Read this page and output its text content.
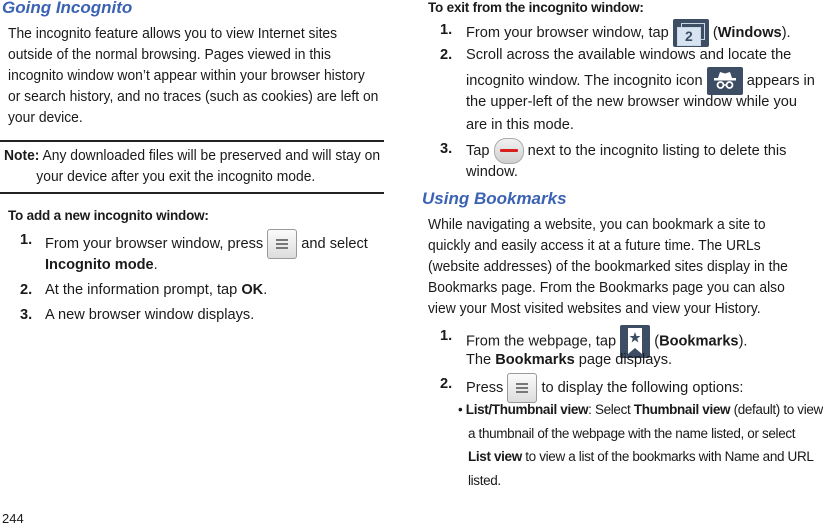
Going Incognito
The incognito feature allows you to view Internet sites
outside of the normal browsing. Pages viewed in this
incognito window won’t appear within your browser history
or search history, and no traces (such as cookies) are left on
your device.
Note: Any downloaded files will be preserved and will stay on
your device after you exit the incognito mode.
To add a new incognito window:
1. From your browser window, press	and select
Incognito mode.
2. At the information prompt, tap OK.
3. A new browser window displays.
244
To exit from the incognito window:
1. From your browser window, tap	2	(Windows).
2. Scroll across the available windows and locate the
incognito window. The incognito icon	appears in
the upper-left of the new browser window while you
are in this mode.
3. Tap	next to the incognito listing to delete this
window.
Using Bookmarks
While navigating a website, you can bookmark a site to
quickly and easily access it at a future time. The URLs
(website addresses) of the bookmarked sites display in the
Bookmarks page. From the Bookmarks page you can also
view your Most visited websites and view your History.
1. From the webpage, tap
(Bookmarks).
The Bookmarks page displays.
2. Press	to display the following options:
• List/Thumbnail view: Select Thumbnail view (default) to view
a thumbnail of the webpage with the name listed, or select
List view to view a list of the bookmarks with Name and URL
listed.
